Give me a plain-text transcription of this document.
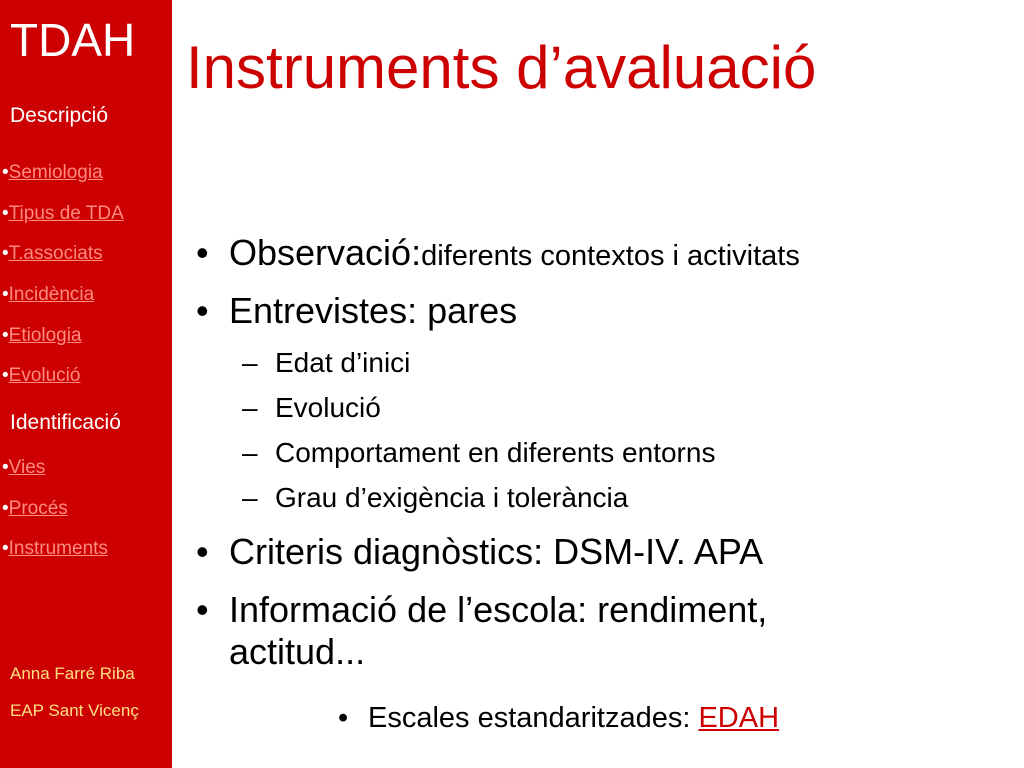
TDAH
Descripció
•Semiologia
•Tipus de TDA
•T.associats
•Incidència
•Etiologia
•Evolució
Identificació
•Vies
•Procés
•Instruments
Anna Farré Riba
EAP Sant Vicenç
Instruments d’avaluació
• Observació:diferents contextos i activitats
• Entrevistes: pares
– Edat d’inici
– Evolució
– Comportament en diferents entorns
– Grau d’exigència i tolerància
• Criteris diagnòstics: DSM-IV. APA
• Informació de l’escola: rendiment,
actitud...
• Escales estandaritzades: EDAH
